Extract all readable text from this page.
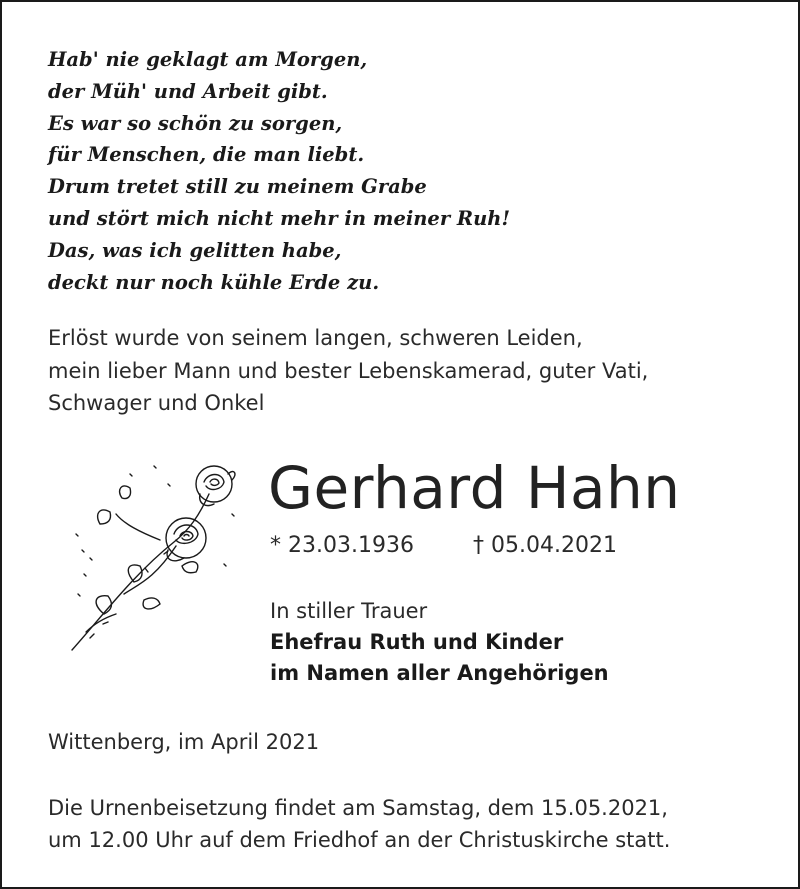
Hab' nie geklagt am Morgen,
der Müh' und Arbeit gibt.
Es war so schön zu sorgen,
für Menschen, die man liebt.
Drum tretet still zu meinem Grabe
und stört mich nicht mehr in meiner Ruh!
Das, was ich gelitten habe,
deckt nur noch kühle Erde zu.
Erlöst wurde von seinem langen, schweren Leiden,
mein lieber Mann und bester Lebenskamerad, guter Vati,
Schwager und Onkel
Gerhard Hahn
* 23.03.1936	† 05.04.2021
In stiller Trauer
Ehefrau Ruth und Kinder
im Namen aller Angehörigen
Wittenberg, im April 2021
Die Urnenbeisetzung findet am Samstag, dem 15.05.2021,
um 12.00 Uhr auf dem Friedhof an der Christuskirche statt.
